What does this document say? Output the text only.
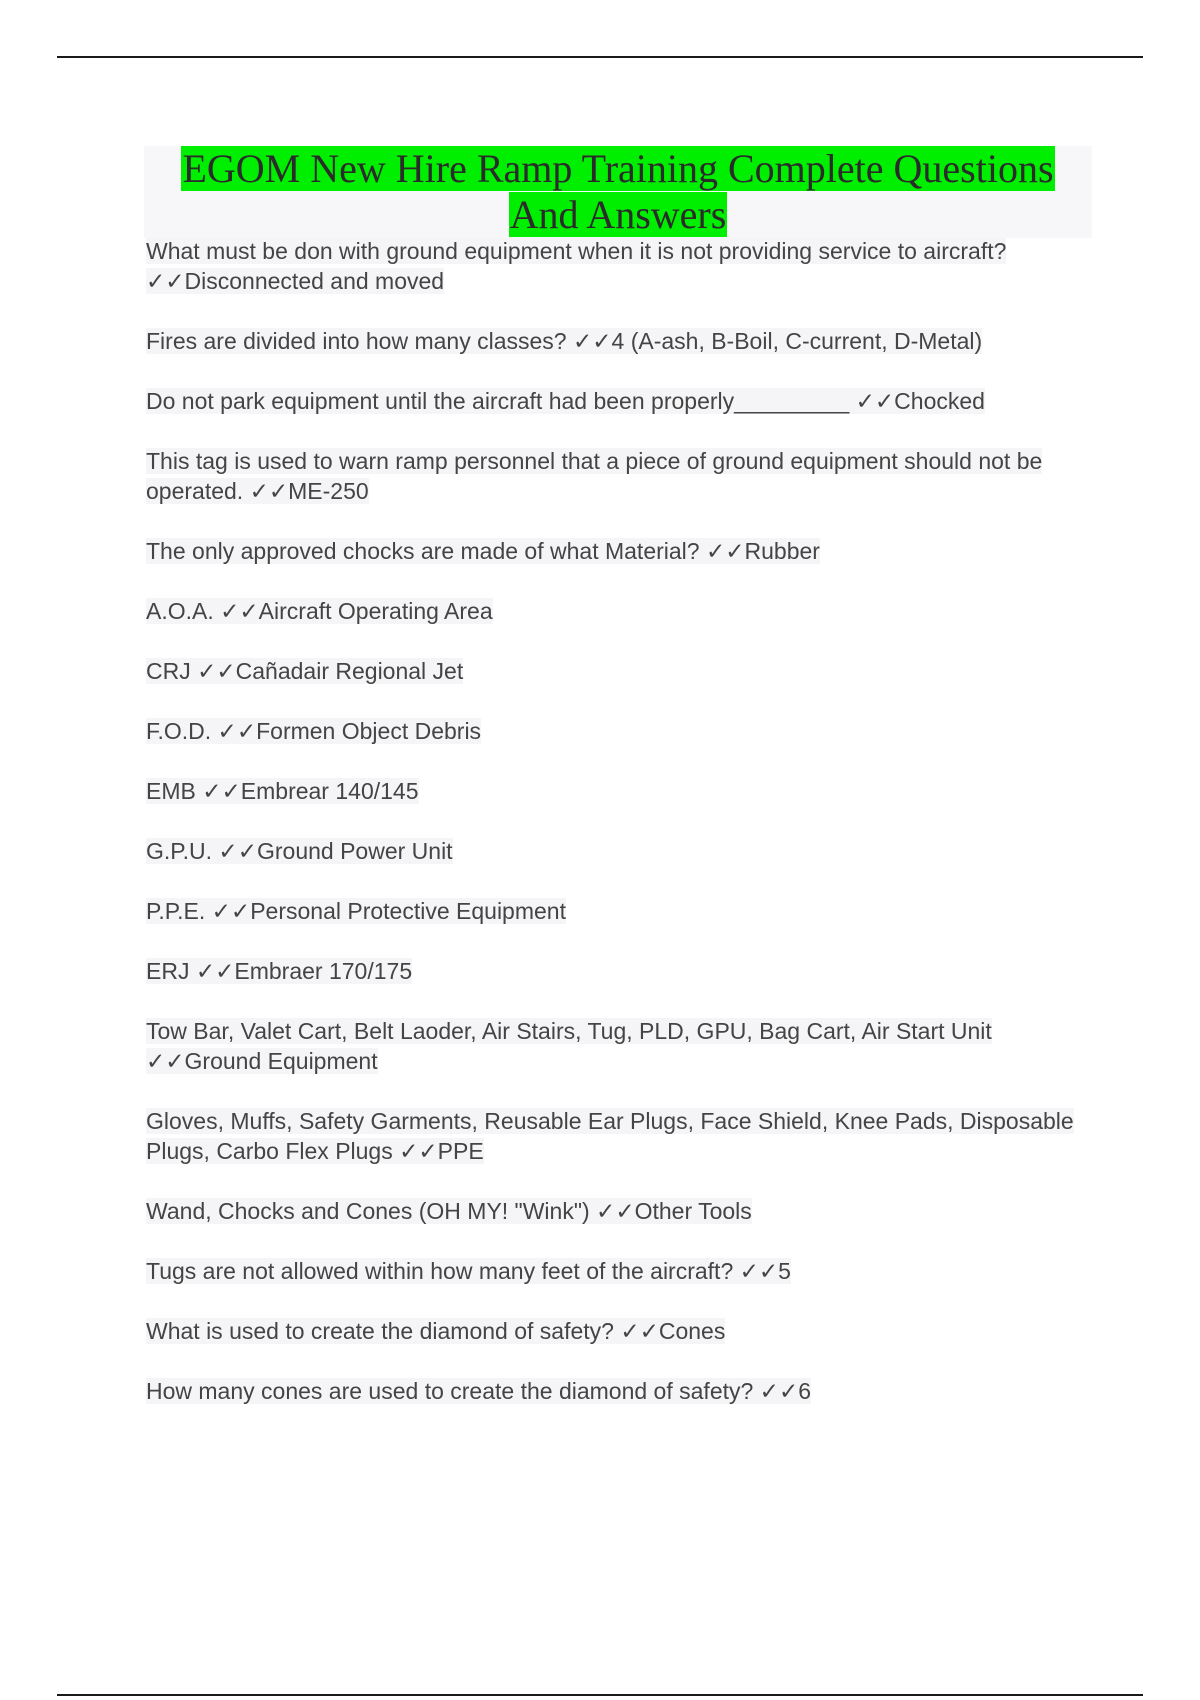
EGOM New Hire Ramp Training Complete Questions
And Answers
What must be don with ground equipment when it is not providing service to aircraft? ✓✓Disconnected and moved
Fires are divided into how many classes? ✓✓4 (A-ash, B-Boil, C-current, D-Metal)
Do not park equipment until the aircraft had been properly_________ ✓✓Chocked
This tag is used to warn ramp personnel that a piece of ground equipment should not be operated. ✓✓ME-250
The only approved chocks are made of what Material? ✓✓Rubber
A.O.A. ✓✓Aircraft Operating Area
CRJ ✓✓Cañadair Regional Jet
F.O.D. ✓✓Formen Object Debris
EMB ✓✓Embrear 140/145
G.P.U. ✓✓Ground Power Unit
P.P.E. ✓✓Personal Protective Equipment
ERJ ✓✓Embraer 170/175
Tow Bar, Valet Cart, Belt Laoder, Air Stairs, Tug, PLD, GPU, Bag Cart, Air Start Unit ✓✓Ground Equipment
Gloves, Muffs, Safety Garments, Reusable Ear Plugs, Face Shield, Knee Pads, Disposable Plugs, Carbo Flex Plugs ✓✓PPE
Wand, Chocks and Cones (OH MY! "Wink") ✓✓Other Tools
Tugs are not allowed within how many feet of the aircraft? ✓✓5
What is used to create the diamond of safety? ✓✓Cones
How many cones are used to create the diamond of safety? ✓✓6
